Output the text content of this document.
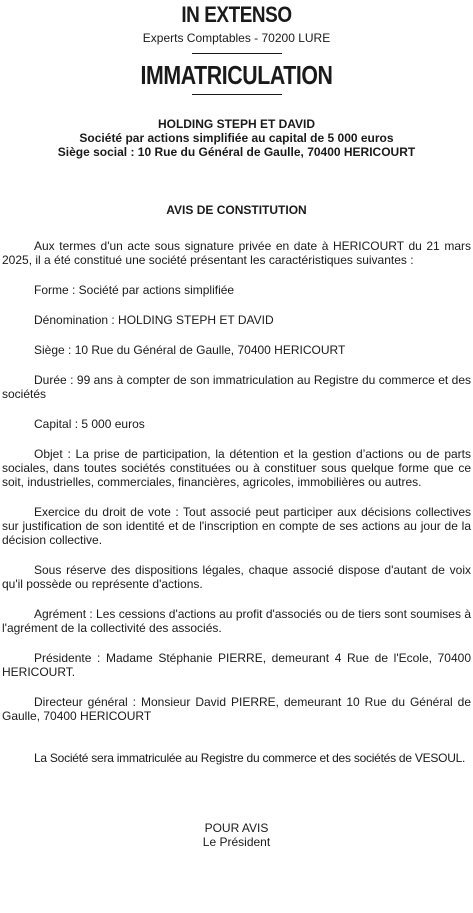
IN EXTENSO
Experts Comptables - 70200 LURE
IMMATRICULATION
HOLDING STEPH ET DAVID
Société par actions simplifiée au capital de 5 000 euros
Siège social : 10 Rue du Général de Gaulle, 70400 HERICOURT
AVIS DE CONSTITUTION

Aux termes d'un acte sous signature privée en date à HERICOURT du 21 mars 2025, il a été constitué une société présentant les caractéristiques suivantes :

Forme : Société par actions simplifiée

Dénomination : HOLDING STEPH ET DAVID

Siège : 10 Rue du Général de Gaulle, 70400 HERICOURT

Durée : 99 ans à compter de son immatriculation au Registre du commerce et des sociétés

Capital : 5 000 euros

Objet : La prise de participation, la détention et la gestion d’actions ou de parts sociales, dans toutes sociétés constituées ou à constituer sous quelque forme que ce soit, industrielles, commerciales, financières, agricoles, immobilières ou autres.

Exercice du droit de vote : Tout associé peut participer aux décisions collectives sur justification de son identité et de l'inscription en compte de ses actions au jour de la décision collective.

Sous réserve des dispositions légales, chaque associé dispose d'autant de voix qu'il possède ou représente d'actions.

Agrément : Les cessions d'actions au profit d'associés ou de tiers sont soumises à l'agrément de la collectivité des associés.

Présidente : Madame Stéphanie PIERRE, demeurant 4 Rue de l'Ecole, 70400 HERICOURT.

Directeur général : Monsieur David PIERRE, demeurant 10 Rue du Général de Gaulle, 70400 HERICOURT

La Société sera immatriculée au Registre du commerce et des sociétés de VESOUL.

POUR AVIS
Le Président
